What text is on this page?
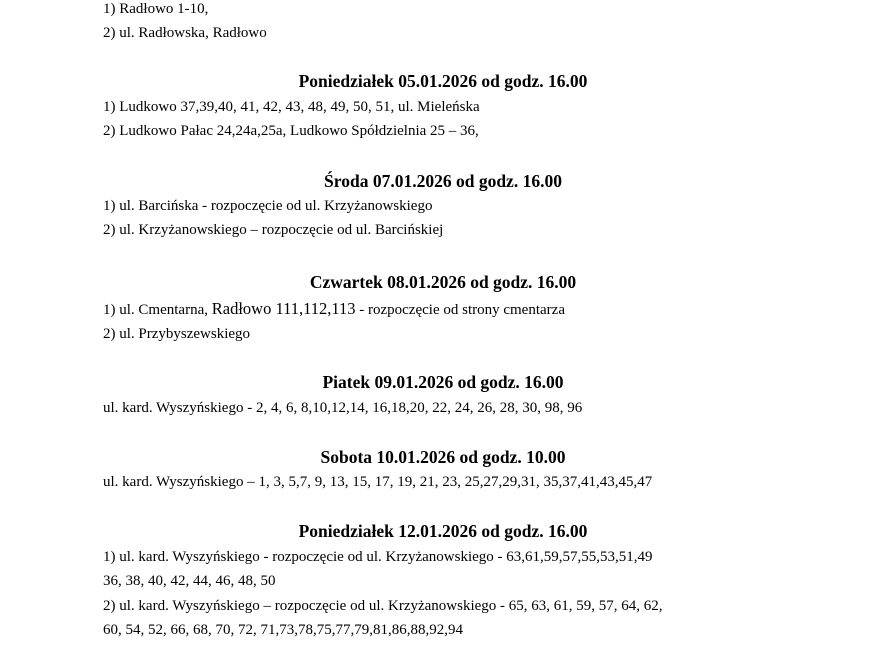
1) Radłowo 1-10,
2) ul. Radłowska, Radłowo
Poniedziałek 05.01.2026 od godz. 16.00
1) Ludkowo 37,39,40, 41, 42, 43, 48, 49, 50, 51, ul. Mieleńska
2) Ludkowo Pałac 24,24a,25a, Ludkowo Spółdzielnia 25 – 36,
Środa 07.01.2026 od godz. 16.00
1) ul. Barcińska - rozpoczęcie od ul. Krzyżanowskiego
2) ul. Krzyżanowskiego – rozpoczęcie od ul. Barcińskiej
Czwartek 08.01.2026 od godz. 16.00
1) ul. Cmentarna, Radłowo 111,112,113 - rozpoczęcie od strony cmentarza
2) ul. Przybyszewskiego
Piatek 09.01.2026 od godz. 16.00
ul. kard. Wyszyńskiego - 2, 4, 6, 8,10,12,14, 16,18,20, 22, 24, 26, 28, 30, 98, 96
Sobota 10.01.2026 od godz. 10.00
ul. kard. Wyszyńskiego – 1, 3, 5,7, 9, 13, 15, 17, 19, 21, 23, 25,27,29,31, 35,37,41,43,45,47
Poniedziałek 12.01.2026 od godz. 16.00
1) ul. kard. Wyszyńskiego - rozpoczęcie od ul. Krzyżanowskiego - 63,61,59,57,55,53,51,49
36, 38, 40, 42, 44, 46, 48, 50
2) ul. kard. Wyszyńskiego – rozpoczęcie od ul. Krzyżanowskiego - 65, 63, 61, 59, 57, 64, 62,
60, 54, 52, 66, 68, 70, 72, 71,73,78,75,77,79,81,86,88,92,94
